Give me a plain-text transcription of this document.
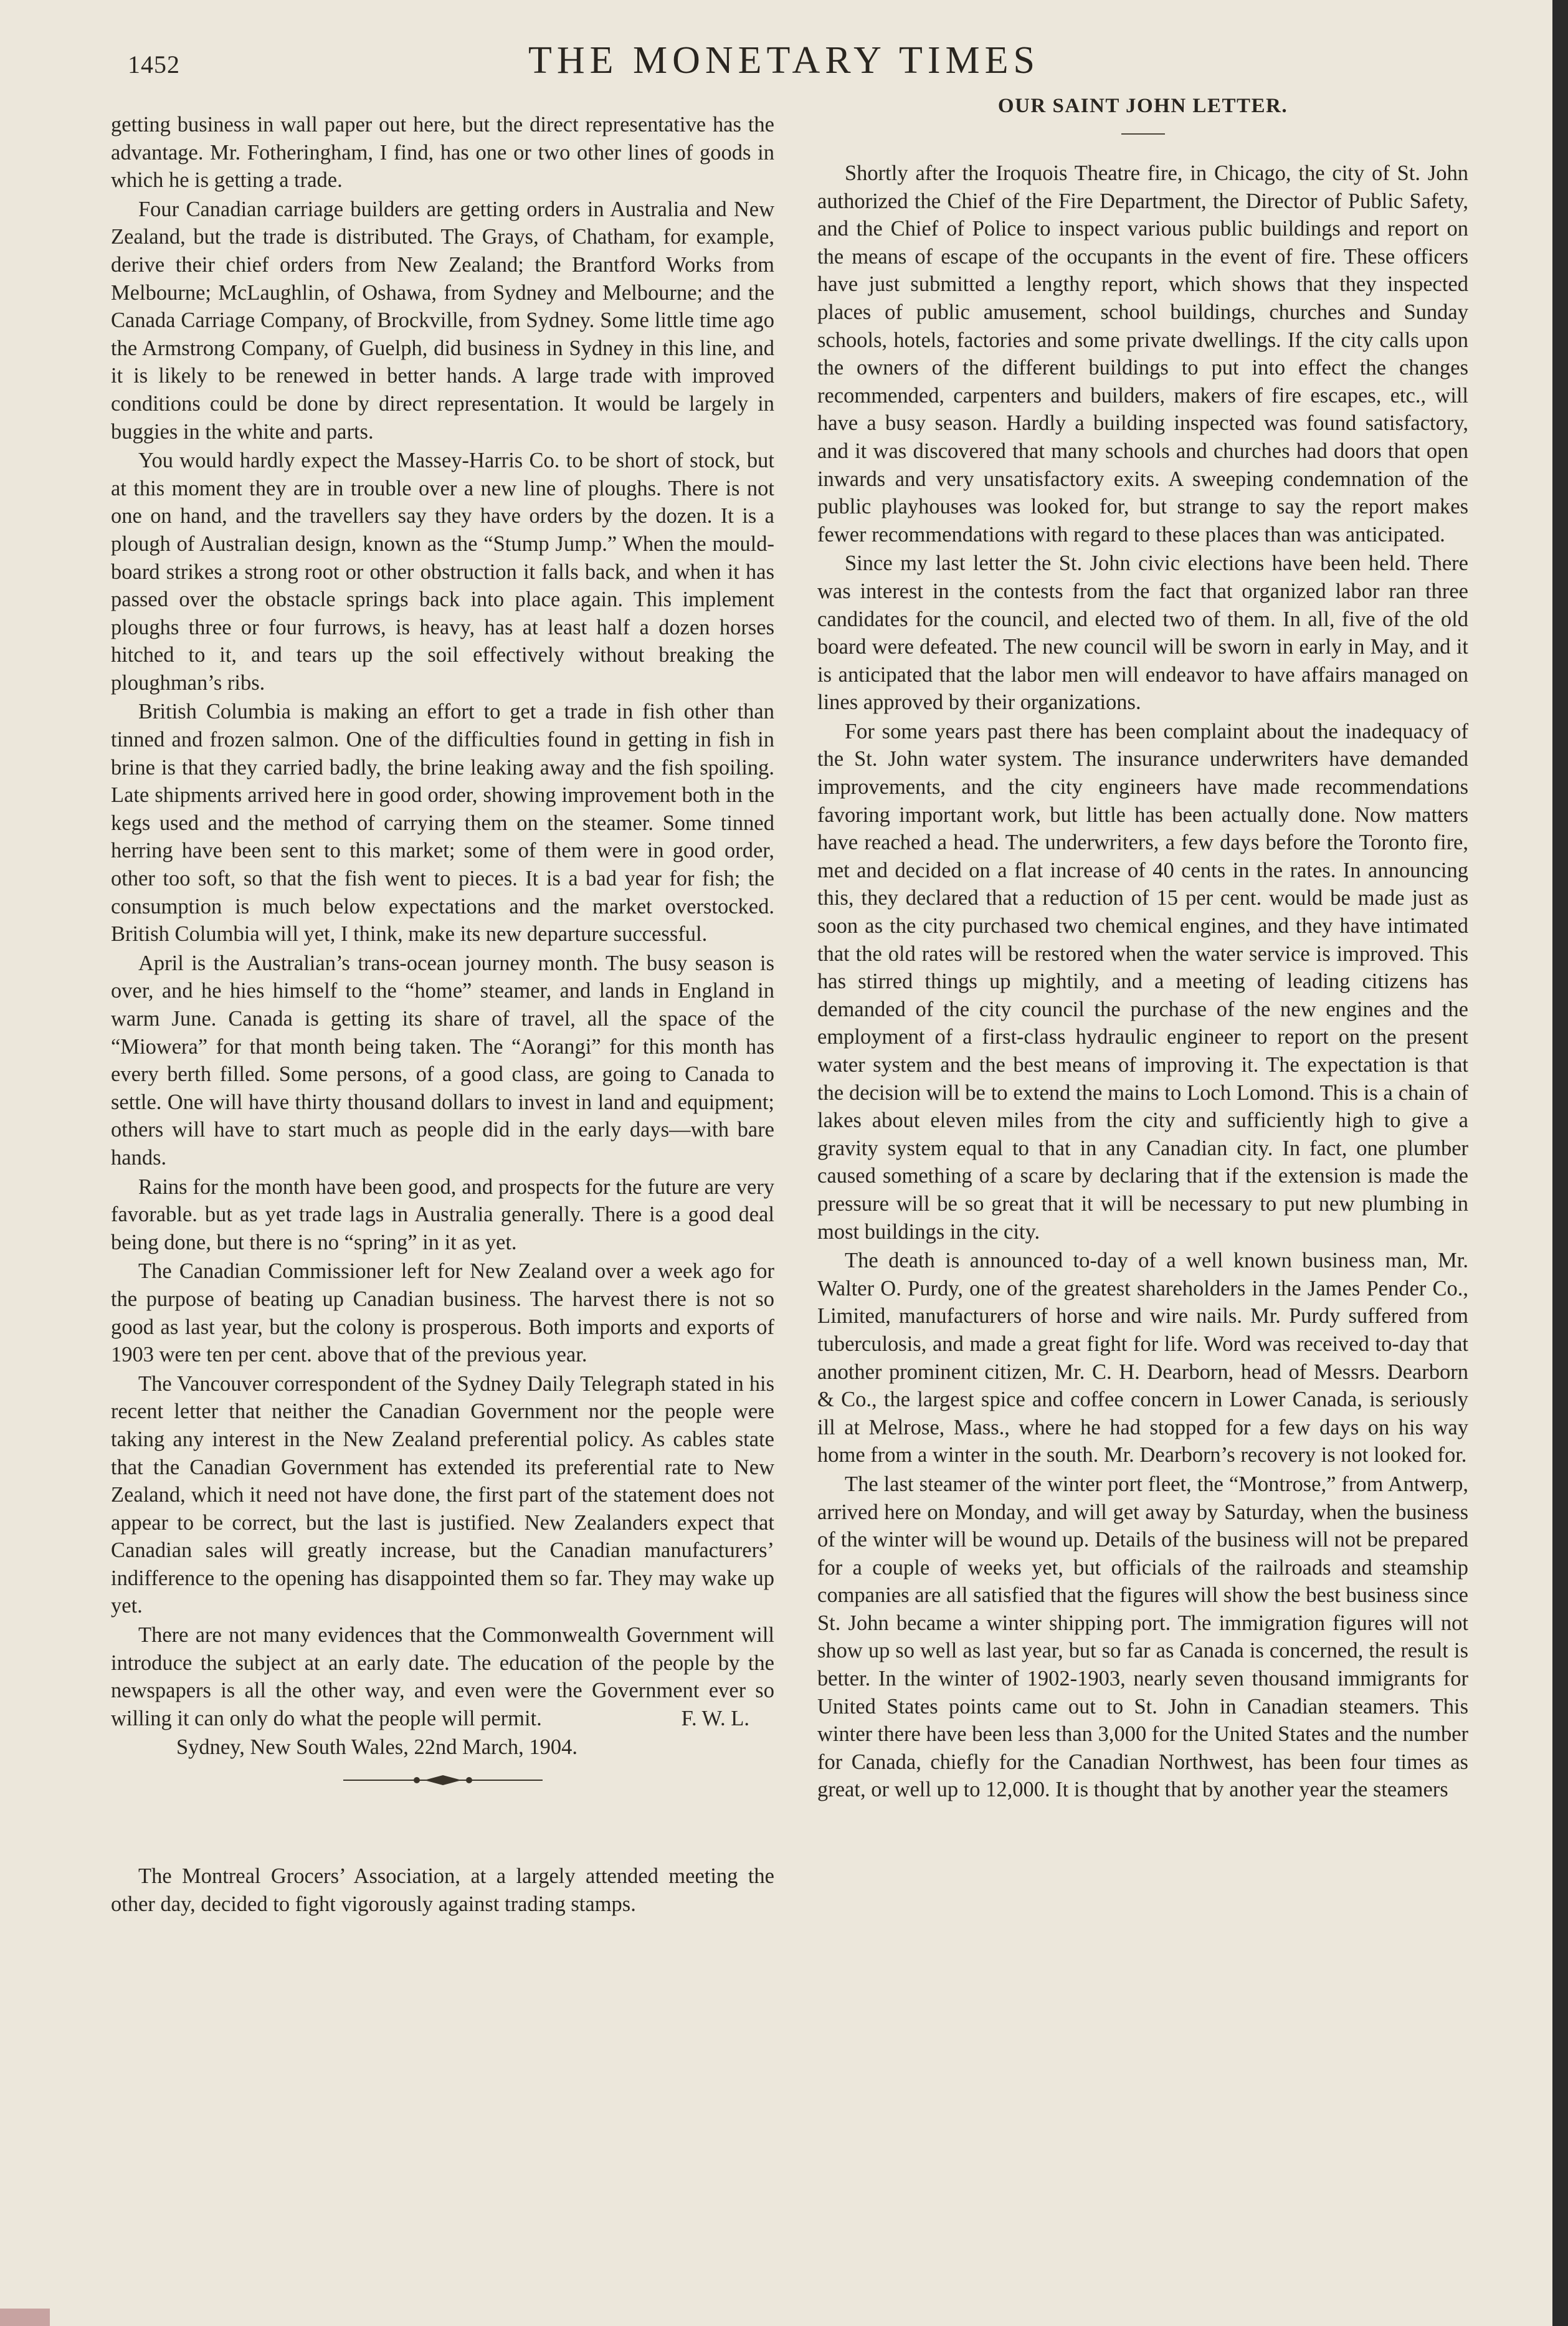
1452	THE MONETARY TIMES

getting business in wall paper out here, but the direct representative has the advantage. Mr. Fotheringham, I find, has one or two other lines of goods in which he is getting a trade.

Four Canadian carriage builders are getting orders in Australia and New Zealand, but the trade is distributed. The Grays, of Chatham, for example, derive their chief orders from New Zealand; the Brantford Works from Melbourne; McLaughlin, of Oshawa, from Sydney and Melbourne; and the Canada Carriage Company, of Brockville, from Sydney. Some little time ago the Armstrong Company, of Guelph, did business in Sydney in this line, and it is likely to be renewed in better hands. A large trade with improved conditions could be done by direct representation. It would be largely in buggies in the white and parts.

You would hardly expect the Massey-Harris Co. to be short of stock, but at this moment they are in trouble over a new line of ploughs. There is not one on hand, and the travellers say they have orders by the dozen. It is a plough of Australian design, known as the “Stump Jump.” When the mould-board strikes a strong root or other obstruction it falls back, and when it has passed over the obstacle springs back into place again. This implement ploughs three or four furrows, is heavy, has at least half a dozen horses hitched to it, and tears up the soil effectively without breaking the ploughman’s ribs.

British Columbia is making an effort to get a trade in fish other than tinned and frozen salmon. One of the difficulties found in getting in fish in brine is that they carried badly, the brine leaking away and the fish spoiling. Late shipments arrived here in good order, showing improvement both in the kegs used and the method of carrying them on the steamer. Some tinned herring have been sent to this market; some of them were in good order, other too soft, so that the fish went to pieces. It is a bad year for fish; the consumption is much below expectations and the market overstocked. British Columbia will yet, I think, make its new departure successful.

April is the Australian’s trans-ocean journey month. The busy season is over, and he hies himself to the “home” steamer, and lands in England in warm June. Canada is getting its share of travel, all the space of the “Miowera” for that month being taken. The “Aorangi” for this month has every berth filled. Some persons, of a good class, are going to Canada to settle. One will have thirty thousand dollars to invest in land and equipment; others will have to start much as people did in the early days—with bare hands.

Rains for the month have been good, and prospects for the future are very favorable. but as yet trade lags in Australia generally. There is a good deal being done, but there is no “spring” in it as yet.

The Canadian Commissioner left for New Zealand over a week ago for the purpose of beating up Canadian business. The harvest there is not so good as last year, but the colony is prosperous. Both imports and exports of 1903 were ten per cent. above that of the previous year.

The Vancouver correspondent of the Sydney Daily Telegraph stated in his recent letter that neither the Canadian Government nor the people were taking any interest in the New Zealand preferential policy. As cables state that the Canadian Government has extended its preferential rate to New Zealand, which it need not have done, the first part of the statement does not appear to be correct, but the last is justified. New Zealanders expect that Canadian sales will greatly increase, but the Canadian manufacturers’ indifference to the opening has disappointed them so far. They may wake up yet.

There are not many evidences that the Commonwealth Government will introduce the subject at an early date. The education of the people by the newspapers is all the other way, and even were the Government ever so willing it can only do what the people will permit.	F. W. L.

Sydney, New South Wales, 22nd March, 1904.

The Montreal Grocers’ Association, at a largely attended meeting the other day, decided to fight vigorously against trading stamps.

OUR SAINT JOHN LETTER.

Shortly after the Iroquois Theatre fire, in Chicago, the city of St. John authorized the Chief of the Fire Department, the Director of Public Safety, and the Chief of Police to inspect various public buildings and report on the means of escape of the occupants in the event of fire. These officers have just submitted a lengthy report, which shows that they inspected places of public amusement, school buildings, churches and Sunday schools, hotels, factories and some private dwellings. If the city calls upon the owners of the different buildings to put into effect the changes recommended, carpenters and builders, makers of fire escapes, etc., will have a busy season. Hardly a building inspected was found satisfactory, and it was discovered that many schools and churches had doors that open inwards and very unsatisfactory exits. A sweeping condemnation of the public playhouses was looked for, but strange to say the report makes fewer recommendations with regard to these places than was anticipated.

Since my last letter the St. John civic elections have been held. There was interest in the contests from the fact that organized labor ran three candidates for the council, and elected two of them. In all, five of the old board were defeated. The new council will be sworn in early in May, and it is anticipated that the labor men will endeavor to have affairs managed on lines approved by their organizations.

For some years past there has been complaint about the inadequacy of the St. John water system. The insurance underwriters have demanded improvements, and the city engineers have made recommendations favoring important work, but little has been actually done. Now matters have reached a head. The underwriters, a few days before the Toronto fire, met and decided on a flat increase of 40 cents in the rates. In announcing this, they declared that a reduction of 15 per cent. would be made just as soon as the city purchased two chemical engines, and they have intimated that the old rates will be restored when the water service is improved. This has stirred things up mightily, and a meeting of leading citizens has demanded of the city council the purchase of the new engines and the employment of a first-class hydraulic engineer to report on the present water system and the best means of improving it. The expectation is that the decision will be to extend the mains to Loch Lomond. This is a chain of lakes about eleven miles from the city and sufficiently high to give a gravity system equal to that in any Canadian city. In fact, one plumber caused something of a scare by declaring that if the extension is made the pressure will be so great that it will be necessary to put new plumbing in most buildings in the city.

The death is announced to-day of a well known business man, Mr. Walter O. Purdy, one of the greatest shareholders in the James Pender Co., Limited, manufacturers of horse and wire nails. Mr. Purdy suffered from tuberculosis, and made a great fight for life. Word was received to-day that another prominent citizen, Mr. C. H. Dearborn, head of Messrs. Dearborn & Co., the largest spice and coffee concern in Lower Canada, is seriously ill at Melrose, Mass., where he had stopped for a few days on his way home from a winter in the south. Mr. Dearborn’s recovery is not looked for.

The last steamer of the winter port fleet, the “Montrose,” from Antwerp, arrived here on Monday, and will get away by Saturday, when the business of the winter will be wound up. Details of the business will not be prepared for a couple of weeks yet, but officials of the railroads and steamship companies are all satisfied that the figures will show the best business since St. John became a winter shipping port. The immigration figures will not show up so well as last year, but so far as Canada is concerned, the result is better. In the winter of 1902-1903, nearly seven thousand immigrants for United States points came out to St. John in Canadian steamers. This winter there have been less than 3,000 for the United States and the number for Canada, chiefly for the Canadian Northwest, has been four times as great, or well up to 12,000. It is thought that by another year the steamers
